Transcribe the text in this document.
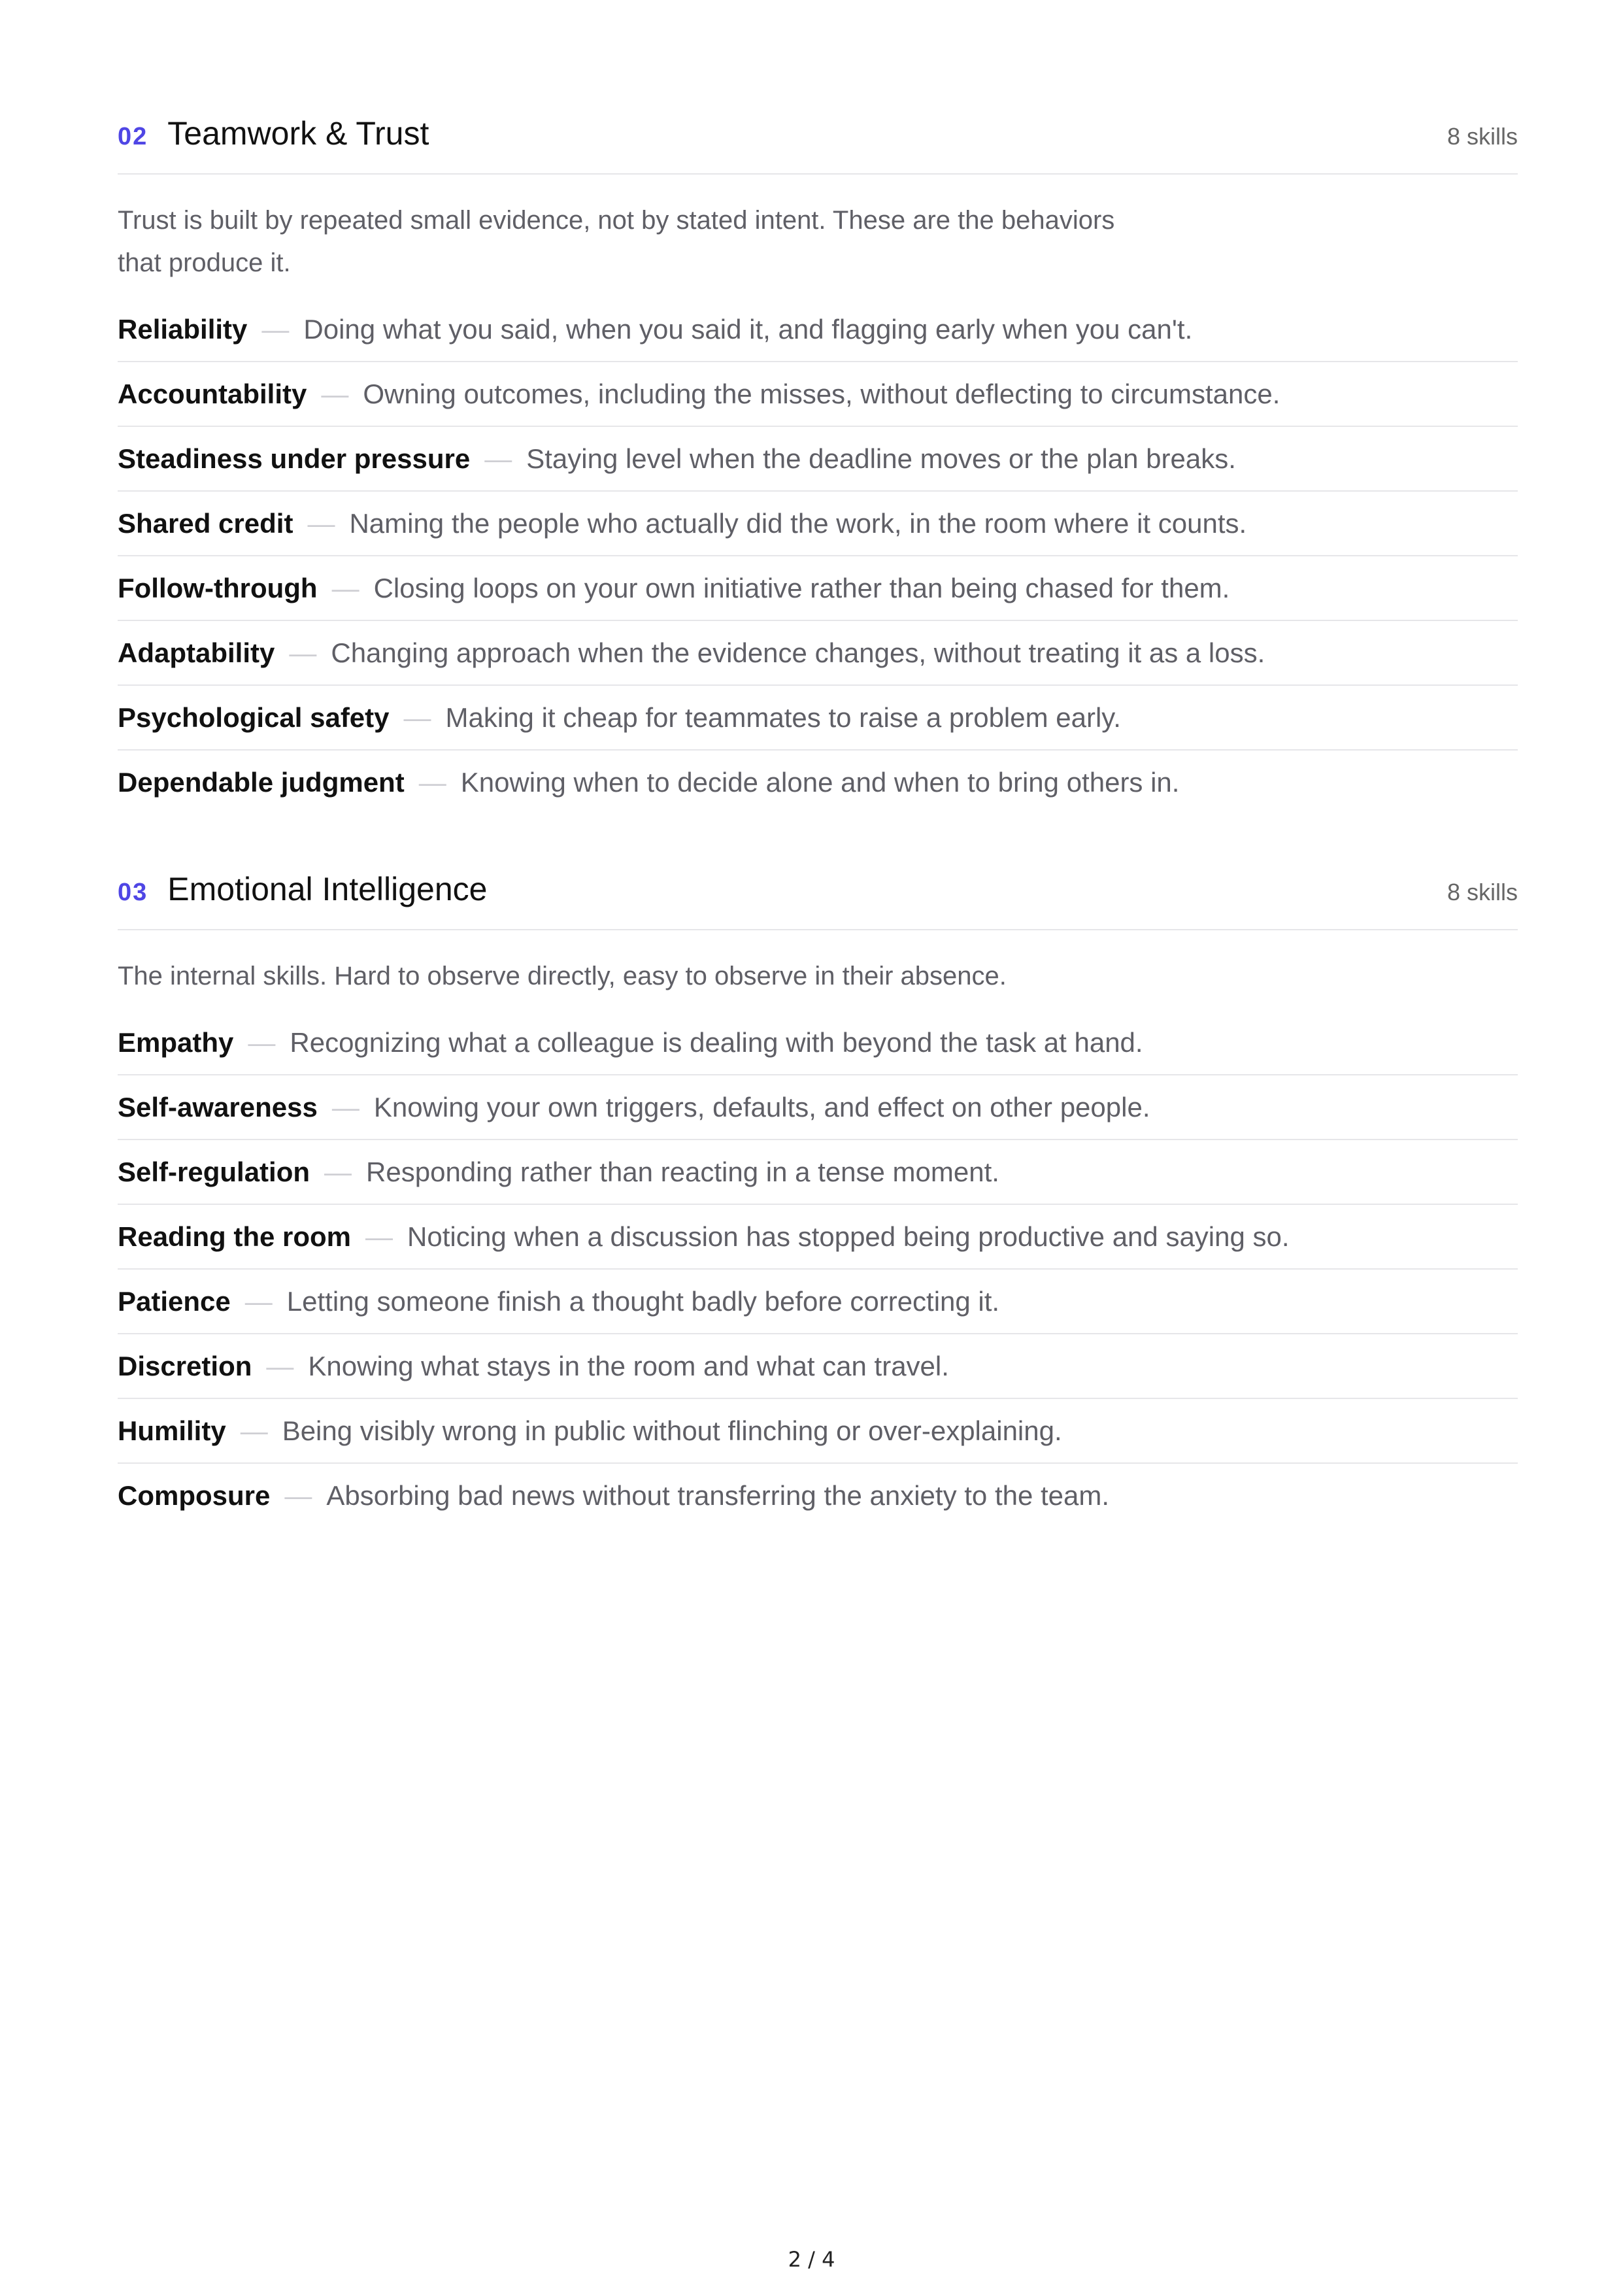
02 Teamwork & Trust	8 skills
Trust is built by repeated small evidence, not by stated intent. These are the behaviors
that produce it.
Reliability — Doing what you said, when you said it, and flagging early when you can't.
Accountability — Owning outcomes, including the misses, without deflecting to circumstance.
Steadiness under pressure — Staying level when the deadline moves or the plan breaks.
Shared credit — Naming the people who actually did the work, in the room where it counts.
Follow-through — Closing loops on your own initiative rather than being chased for them.
Adaptability — Changing approach when the evidence changes, without treating it as a loss.
Psychological safety — Making it cheap for teammates to raise a problem early.
Dependable judgment — Knowing when to decide alone and when to bring others in.
03 Emotional Intelligence	8 skills
The internal skills. Hard to observe directly, easy to observe in their absence.
Empathy — Recognizing what a colleague is dealing with beyond the task at hand.
Self-awareness — Knowing your own triggers, defaults, and effect on other people.
Self-regulation — Responding rather than reacting in a tense moment.
Reading the room — Noticing when a discussion has stopped being productive and saying so.
Patience — Letting someone finish a thought badly before correcting it.
Discretion — Knowing what stays in the room and what can travel.
Humility — Being visibly wrong in public without flinching or over-explaining.
Composure — Absorbing bad news without transferring the anxiety to the team.
2 / 4
